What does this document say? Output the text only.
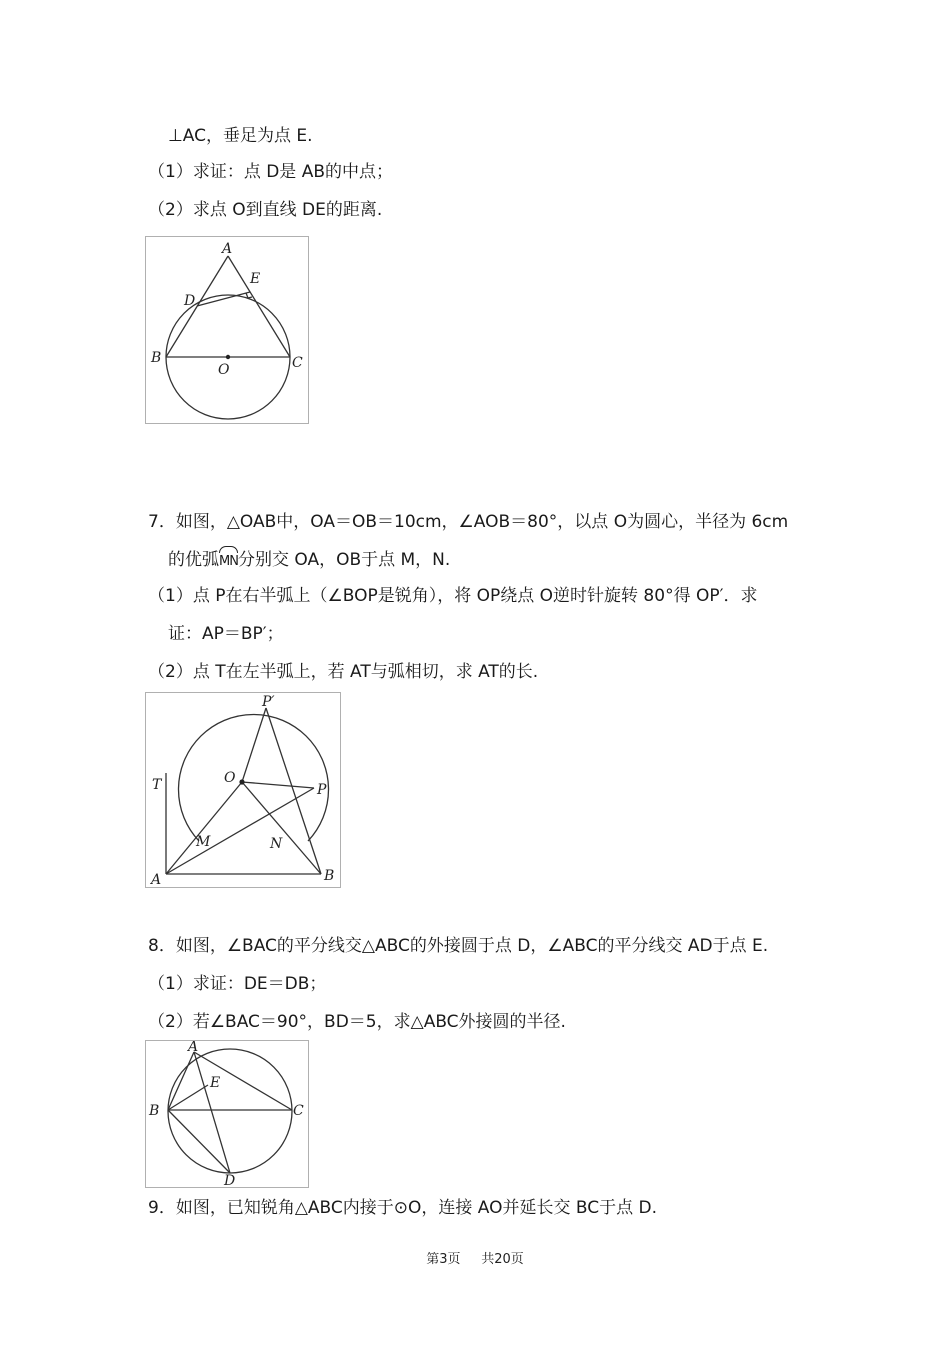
⊥AC，垂足为点 E.
（1）求证：点 D是 AB的中点；
（2）求点 O到直线 DE的距离.
A
E
D
B	C
O
7．如图，△OAB中，OA＝OB＝10cm，∠AOB＝80°，以点 O为圆心，半径为 6cm
的优弧MN分别交 OA，OB于点 M，N.
（1）点 P在右半弧上（∠BOP是锐角），将 OP绕点 O逆时针旋转 80°得 OP′．求
证：AP＝BP′；
（2）点 T在左半弧上，若 AT与弧相切，求 AT的长.
P′
O
T	P
M	N
A	B
8．如图，∠BAC的平分线交△ABC的外接圆于点 D，∠ABC的平分线交 AD于点 E.
（1）求证：DE＝DB；
（2）若∠BAC＝90°，BD＝5，求△ABC外接圆的半径.
A
E
B	C
D
9．如图，已知锐角△ABC内接于⊙O，连接 AO并延长交 BC于点 D.
第3页 共20页
